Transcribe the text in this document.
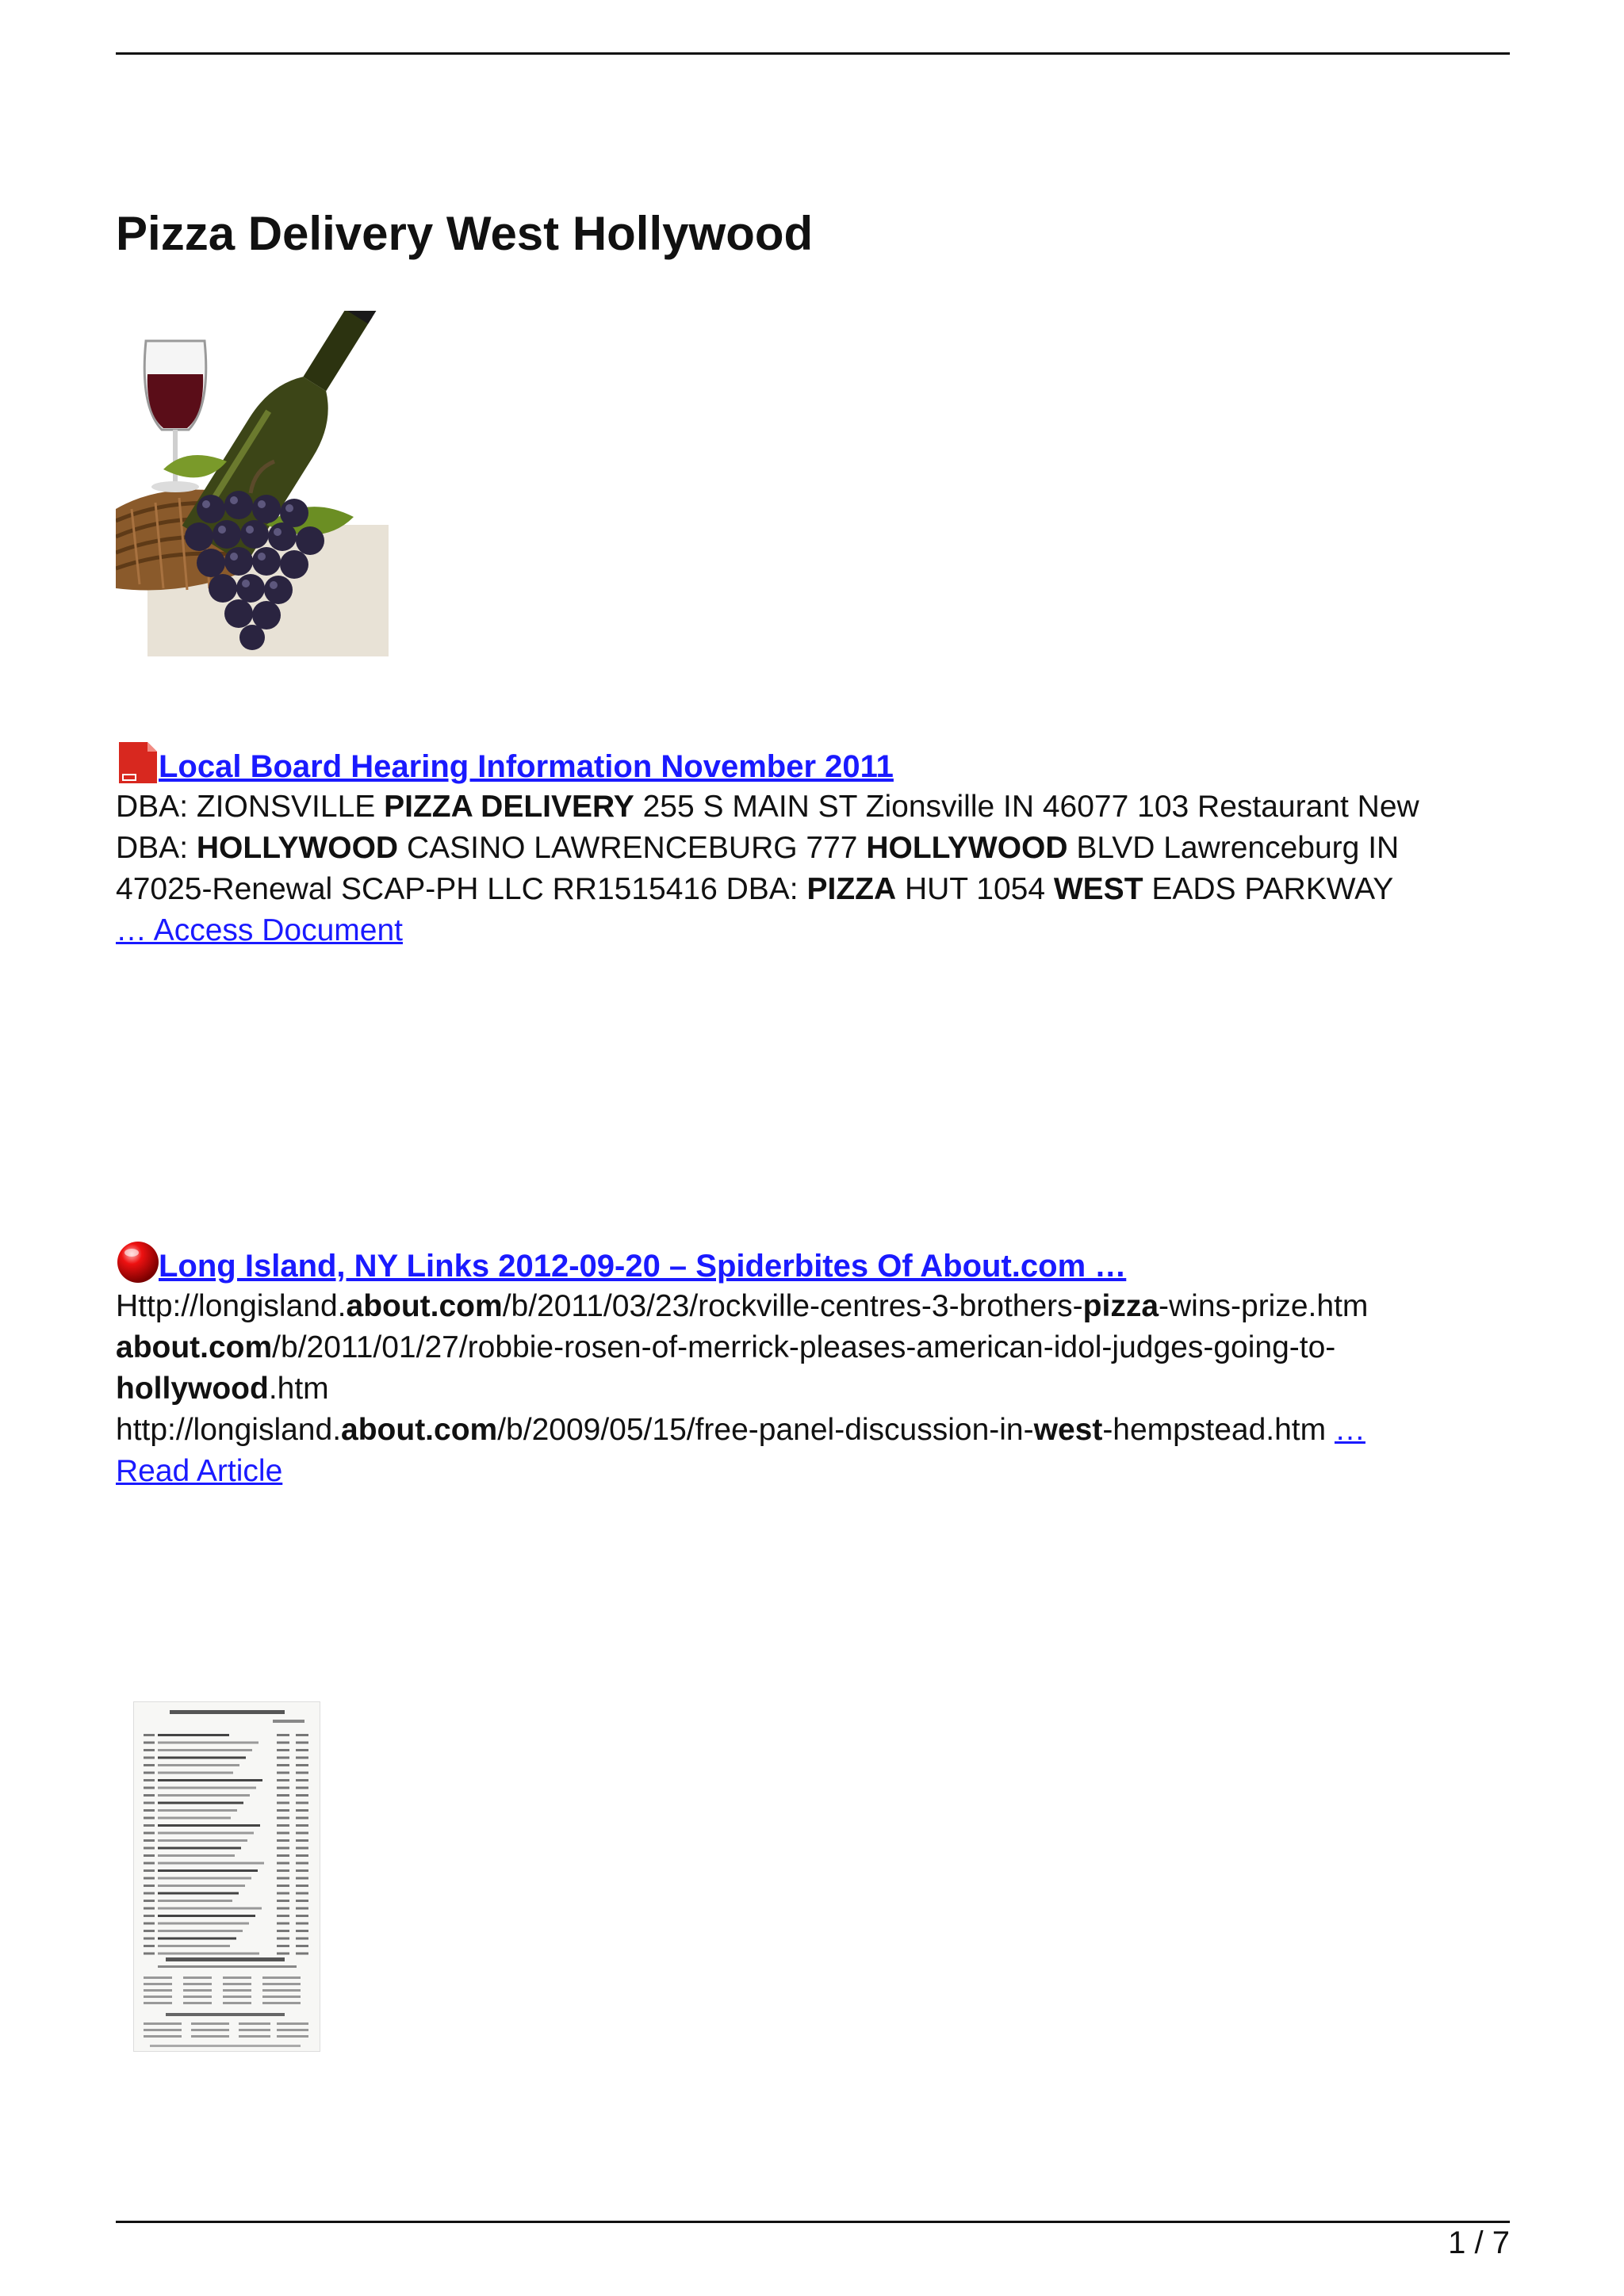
Pizza Delivery West Hollywood
Local Board Hearing Information November 2011
DBA: ZIONSVILLE PIZZA DELIVERY 255 S MAIN ST Zionsville IN 46077 103 Restaurant New
DBA: HOLLYWOOD CASINO LAWRENCEBURG 777 HOLLYWOOD BLVD Lawrenceburg IN
47025-Renewal SCAP-PH LLC RR1515416 DBA: PIZZA HUT 1054 WEST EADS PARKWAY
… Access Document
Long Island, NY Links 2012-09-20 – Spiderbites Of About.com …
Http://longisland.about.com/b/2011/03/23/rockville-centres-3-brothers-pizza-wins-prize.htm
about.com/b/2011/01/27/robbie-rosen-of-merrick-pleases-american-idol-judges-going-to-
hollywood.htm
http://longisland.about.com/b/2009/05/15/free-panel-discussion-in-west-hempstead.htm …
Read Article
1 / 7
